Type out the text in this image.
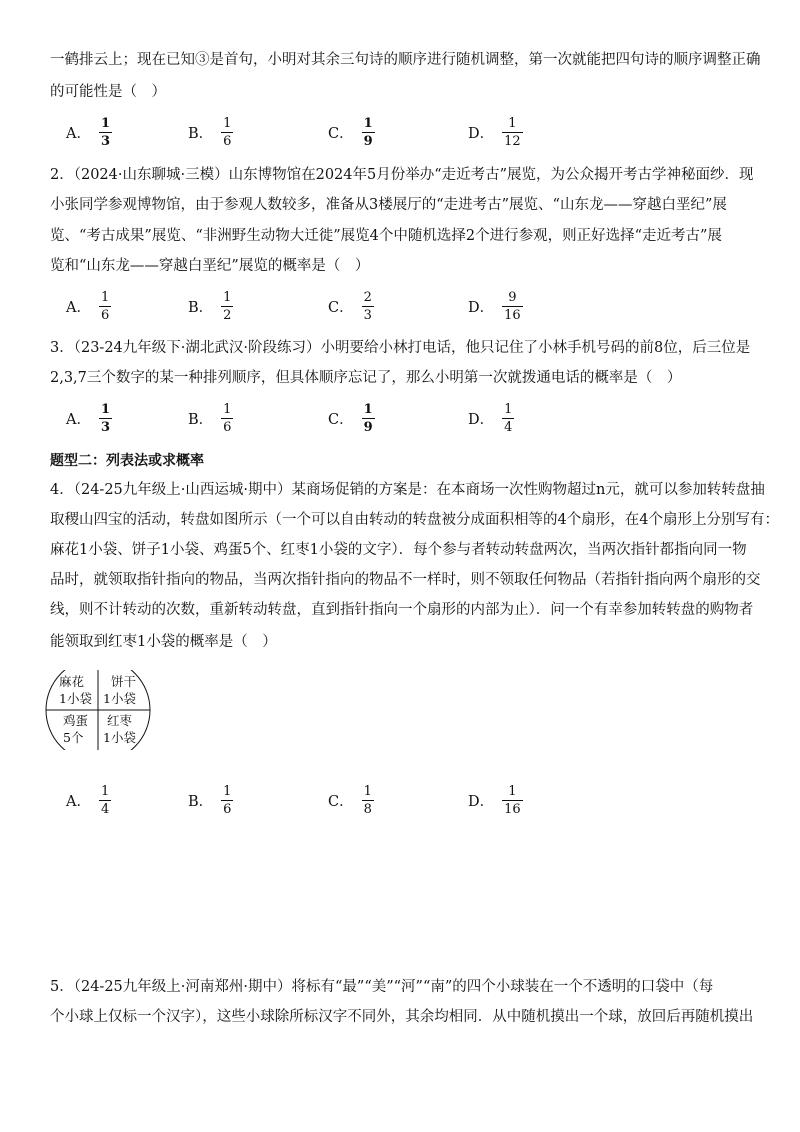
一鹤排云上；现在已知③是首句，小明对其余三句诗的顺序进行随机调整，第一次就能把四句诗的顺序调整正确
的可能性是（　）
A． $\frac{1}{3}$	B． $\frac{1}{6}$	C． $\frac{1}{9}$	D． $\frac{1}{12}$
2．（2024·山东聊城·三模）山东博物馆在2024年5月份举办“走近考古”展览，为公众揭开考古学神秘面纱．现
小张同学参观博物馆，由于参观人数较多，准备从3楼展厅的“走进考古”展览、“山东龙——穿越白垩纪”展
览、“考古成果”展览、“非洲野生动物大迁徙”展览4个中随机选择2个进行参观，则正好选择“走近考古”展
览和“山东龙——穿越白垩纪”展览的概率是（　）
A． $\frac{1}{6}$	B． $\frac{1}{2}$	C． $\frac{2}{3}$	D． $\frac{9}{16}$
3．（23-24九年级下·湖北武汉·阶段练习）小明要给小林打电话，他只记住了小林手机号码的前8位，后三位是
2,3,7三个数字的某一种排列顺序，但具体顺序忘记了，那么小明第一次就拨通电话的概率是（　）
A． $\frac{1}{3}$	B． $\frac{1}{6}$	C． $\frac{1}{9}$	D． $\frac{1}{4}$
题型二：列表法或求概率
4．（24-25九年级上·山西运城·期中）某商场促销的方案是：在本商场一次性购物超过n元，就可以参加转转盘抽
取稷山四宝的活动，转盘如图所示（一个可以自由转动的转盘被分成面积相等的4个扇形，在4个扇形上分别写有：
麻花1小袋、饼子1小袋、鸡蛋5个、红枣1小袋的文字）．每个参与者转动转盘两次，当两次指针都指向同一物
品时，就领取指针指向的物品，当两次指针指向的物品不一样时，则不领取任何物品（若指针指向两个扇形的交
线，则不计转动的次数，重新转动转盘，直到指针指向一个扇形的内部为止）．问一个有幸参加转转盘的购物者
能领取到红枣1小袋的概率是（　）
麻花
1小袋
饼干
1小袋
鸡蛋
5个
红枣
1小袋
A． $\frac{1}{4}$	B． $\frac{1}{6}$	C． $\frac{1}{8}$	D． $\frac{1}{16}$
5．（24-25九年级上·河南郑州·期中）将标有“最”“美”“河”“南”的四个小球装在一个不透明的口袋中（每
个小球上仅标一个汉字），这些小球除所标汉字不同外，其余均相同．从中随机摸出一个球，放回后再随机摸出
